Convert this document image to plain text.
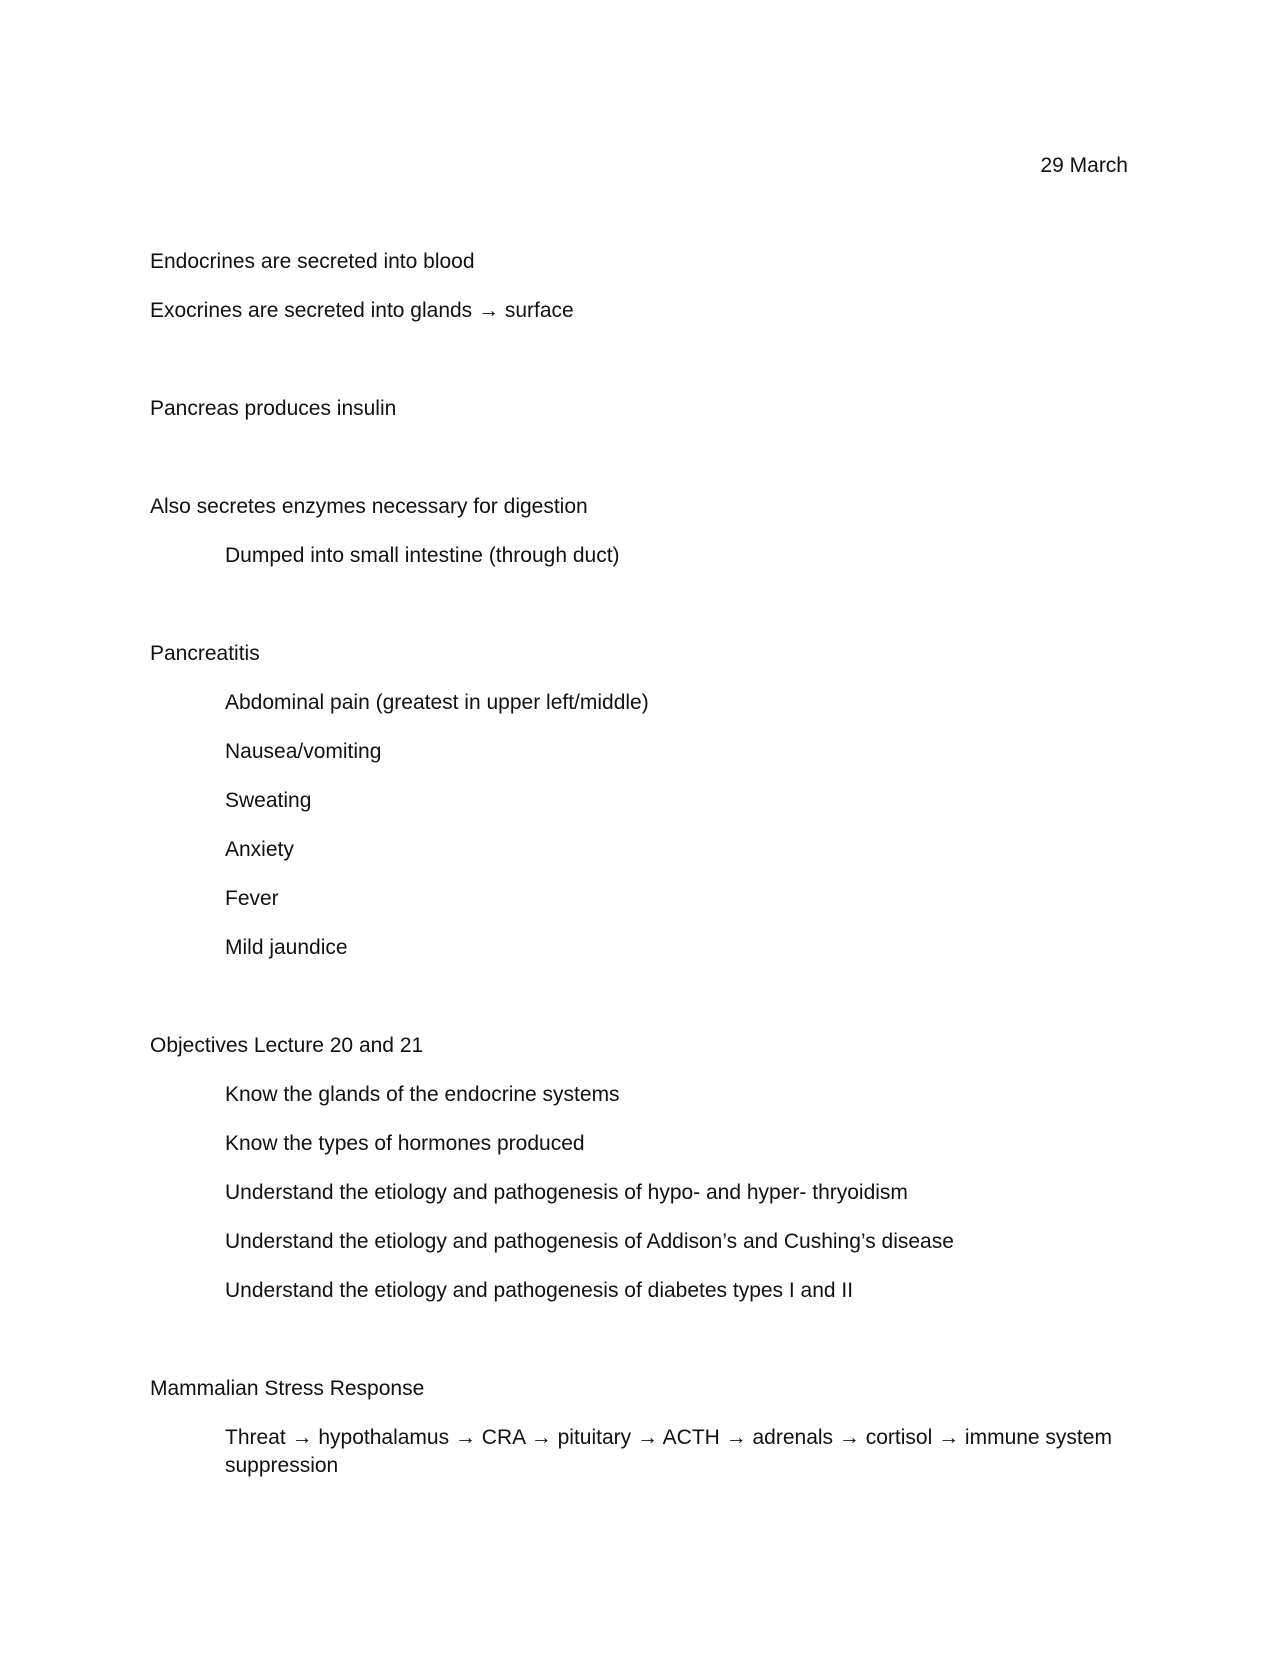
29 March
Endocrines are secreted into blood
Exocrines are secreted into glands → surface
Pancreas produces insulin
Also secretes enzymes necessary for digestion
Dumped into small intestine (through duct)
Pancreatitis
Abdominal pain (greatest in upper left/middle)
Nausea/vomiting
Sweating
Anxiety
Fever
Mild jaundice
Objectives Lecture 20 and 21
Know the glands of the endocrine systems
Know the types of hormones produced
Understand the etiology and pathogenesis of hypo- and hyper- thryoidism
Understand the etiology and pathogenesis of Addison’s and Cushing’s disease
Understand the etiology and pathogenesis of diabetes types I and II
Mammalian Stress Response
Threat → hypothalamus → CRA → pituitary → ACTH → adrenals → cortisol → immune system suppression
